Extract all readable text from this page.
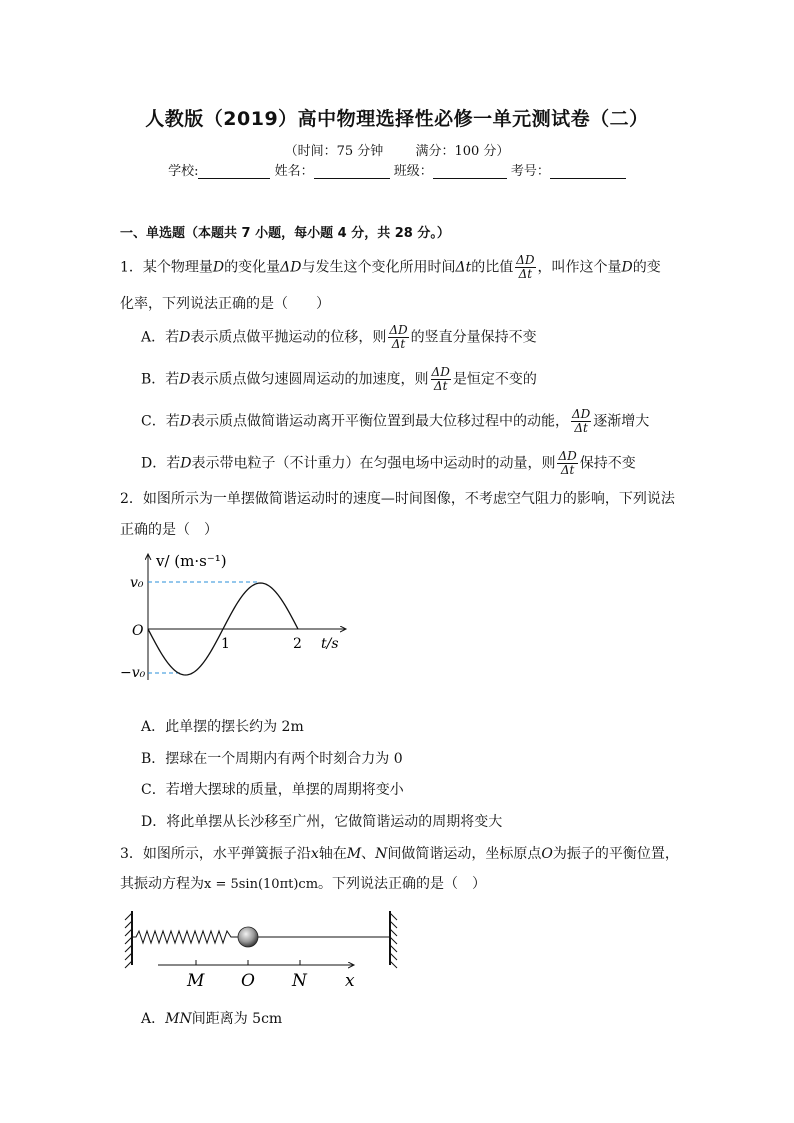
人教版（2019）高中物理选择性必修一单元测试卷（二）
（时间：75 分钟 满分：100 分）
学校:	姓名：	班级：	考号：
一、单选题（本题共 7 小题，每小题 4 分，共 28 分。）
1．某个物理量D的变化量ΔD与发生这个变化所用时间Δt的比值 $\frac{\Delta D}{\Delta t}$ ，叫作这个量D的变
化率，下列说法正确的是（　　）
A．若D表示质点做平抛运动的位移，则 $\frac{\Delta D}{\Delta t}$ 的竖直分量保持不变
B．若D表示质点做匀速圆周运动的加速度，则 $\frac{\Delta D}{\Delta t}$ 是恒定不变的
C．若D表示质点做简谐运动离开平衡位置到最大位移过程中的动能， $\frac{\Delta D}{\Delta t}$ 逐渐增大
D．若D表示带电粒子（不计重力）在匀强电场中运动时的动量，则 $\frac{\Delta D}{\Delta t}$ 保持不变
2．如图所示为一单摆做简谐运动时的速度—时间图像，不考虑空气阻力的影响，下列说法
正确的是（　）
v/ (m·s⁻¹)
v₀
O
−v₀
1	2 t/s
A．此单摆的摆长约为 2m
B．摆球在一个周期内有两个时刻合力为 0
C．若增大摆球的质量，单摆的周期将变小
D．将此单摆从长沙移至广州，它做简谐运动的周期将变大
3．如图所示，水平弹簧振子沿x轴在M、N间做简谐运动，坐标原点O为振子的平衡位置，
其振动方程为x = 5sin(10πt)cm。下列说法正确的是（　）
M O N x
A．MN间距离为 5cm
